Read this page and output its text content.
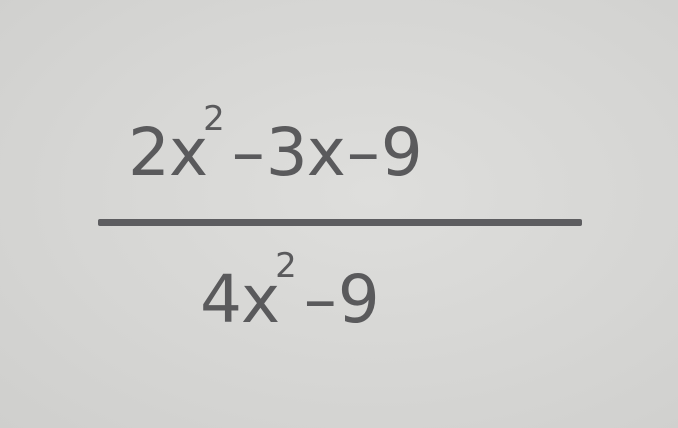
2x2 –3x–9
4x2 –9
